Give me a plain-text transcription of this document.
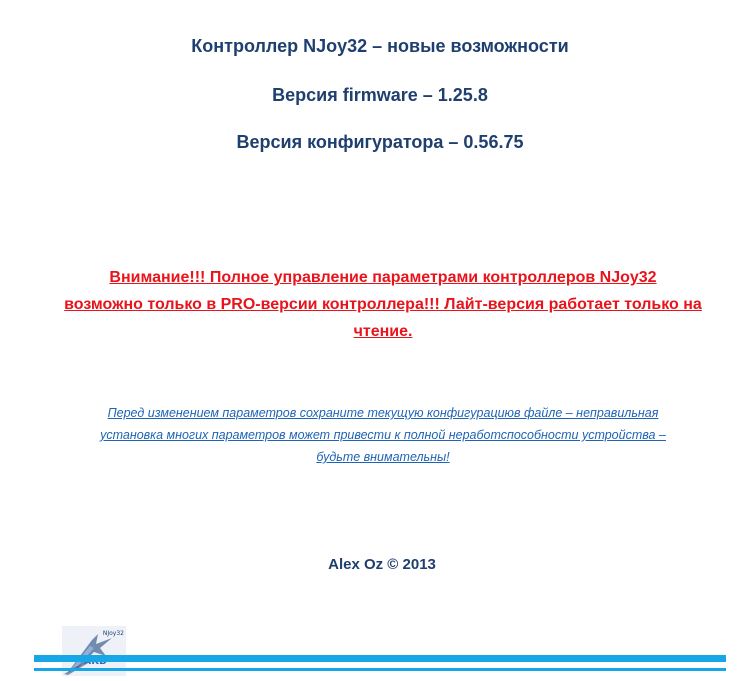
Контроллер NJoy32 – новые возможности
Версия firmware – 1.25.8
Версия конфигуратора – 0.56.75
Внимание!!! Полное управление параметрами контроллеров NJoy32
возможно только в PRO-версии контроллера!!! Лайт-версия работает только на
чтение.
Перед изменением параметров сохраните текущую конфигурациюв файле – неправильная
установка многих параметров может привести к полной неработспособности устройства –
будьте внимательны!
Alex Oz © 2013
NJoy32
